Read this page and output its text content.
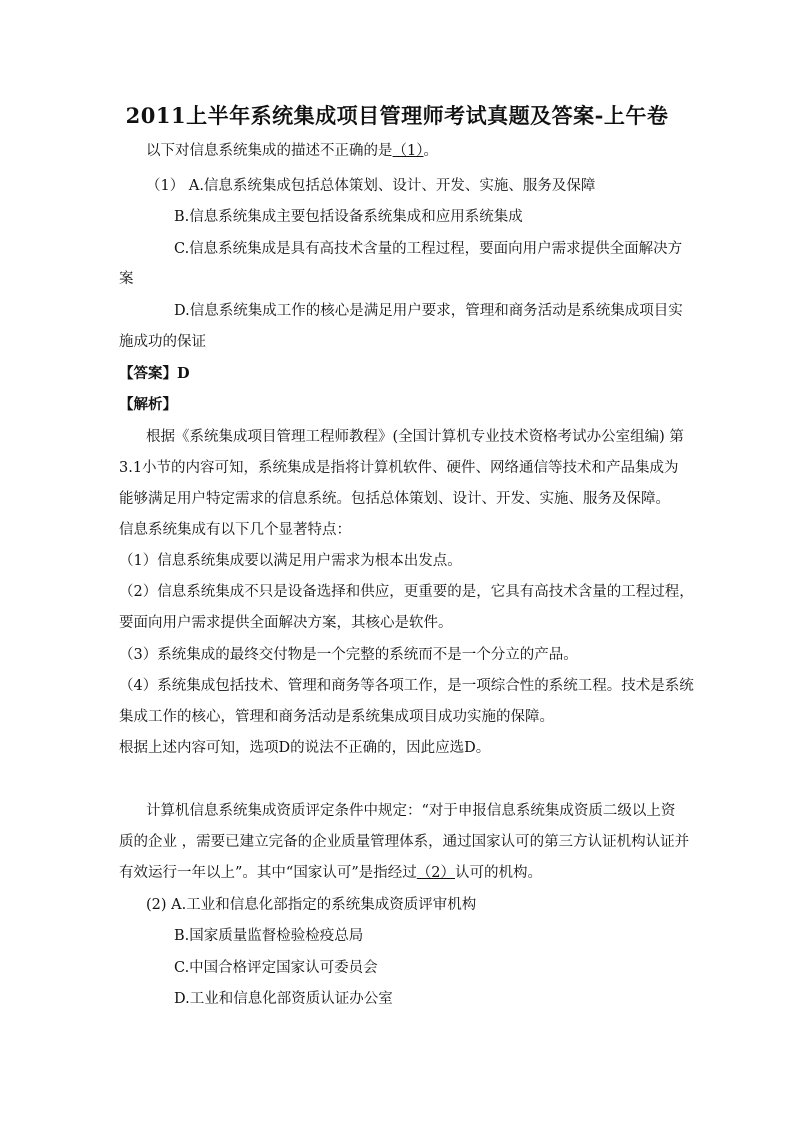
2011上半年系统集成项目管理师考试真题及答案-上午卷
以下对信息系统集成的描述不正确的是（1）。
（1） A.信息系统集成包括总体策划、设计、开发、实施、服务及保障
B.信息系统集成主要包括设备系统集成和应用系统集成
C.信息系统集成是具有高技术含量的工程过程，要面向用户需求提供全面解决方
案
D.信息系统集成工作的核心是满足用户要求，管理和商务活动是系统集成项目实
施成功的保证
【答案】D
【解析】
根据《系统集成项目管理工程师教程》(全国计算机专业技术资格考试办公室组编) 第
3.1小节的内容可知，系统集成是指将计算机软件、硬件、网络通信等技术和产品集成为
能够满足用户特定需求的信息系统。包括总体策划、设计、开发、实施、服务及保障。
信息系统集成有以下几个显著特点：
（1）信息系统集成要以满足用户需求为根本出发点。
（2）信息系统集成不只是设备选择和供应，更重要的是，它具有高技术含量的工程过程，
要面向用户需求提供全面解决方案，其核心是软件。
（3）系统集成的最终交付物是一个完整的系统而不是一个分立的产品。
（4）系统集成包括技术、管理和商务等各项工作，是一项综合性的系统工程。技术是系统
集成工作的核心，管理和商务活动是系统集成项目成功实施的保障。
根据上述内容可知，选项D的说法不正确的，因此应选D。
计算机信息系统集成资质评定条件中规定：“对于申报信息系统集成资质二级以上资
质的企业 ，需要已建立完备的企业质量管理体系，通过国家认可的第三方认证机构认证并
有效运行一年以上”。其中“国家认可”是指经过（2）认可的机构。
(2) A.工业和信息化部指定的系统集成资质评审机构
B.国家质量监督检验检疫总局
C.中国合格评定国家认可委员会
D.工业和信息化部资质认证办公室
